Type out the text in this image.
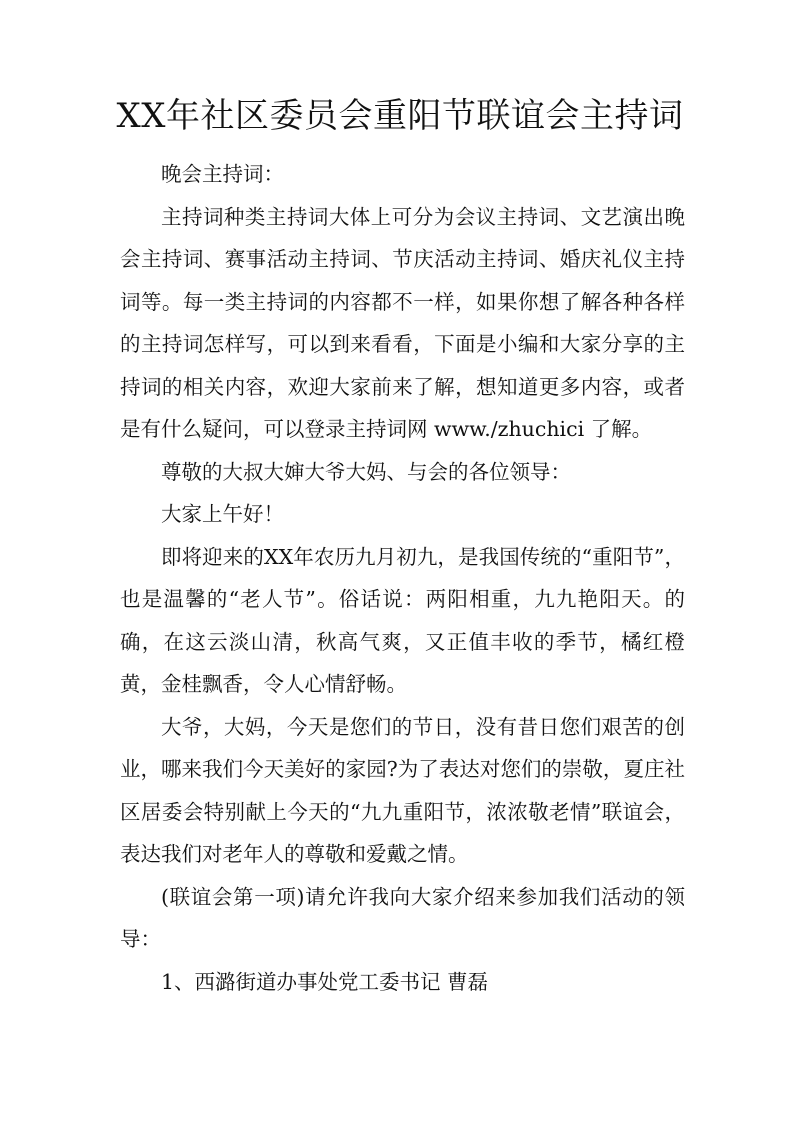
XX年社区委员会重阳节联谊会主持词

晚会主持词：

主持词种类主持词大体上可分为会议主持词、文艺演出晚会主持词、赛事活动主持词、节庆活动主持词、婚庆礼仪主持词等。每一类主持词的内容都不一样，如果你想了解各种各样的主持词怎样写，可以到来看看，下面是小编和大家分享的主持词的相关内容，欢迎大家前来了解，想知道更多内容，或者是有什么疑问，可以登录主持词网 www./zhuchici 了解。

尊敬的大叔大婶大爷大妈、与会的各位领导：

大家上午好！

即将迎来的XX年农历九月初九，是我国传统的“重阳节”，也是温馨的“老人节”。俗话说：两阳相重，九九艳阳天。的确，在这云淡山清，秋高气爽，又正值丰收的季节，橘红橙黄，金桂飘香，令人心情舒畅。

大爷，大妈，今天是您们的节日，没有昔日您们艰苦的创业，哪来我们今天美好的家园?为了表达对您们的崇敬，夏庄社区居委会特别献上今天的“九九重阳节，浓浓敬老情”联谊会，表达我们对老年人的尊敬和爱戴之情。

(联谊会第一项)请允许我向大家介绍来参加我们活动的领导：

1、西潞街道办事处党工委书记 曹磊
